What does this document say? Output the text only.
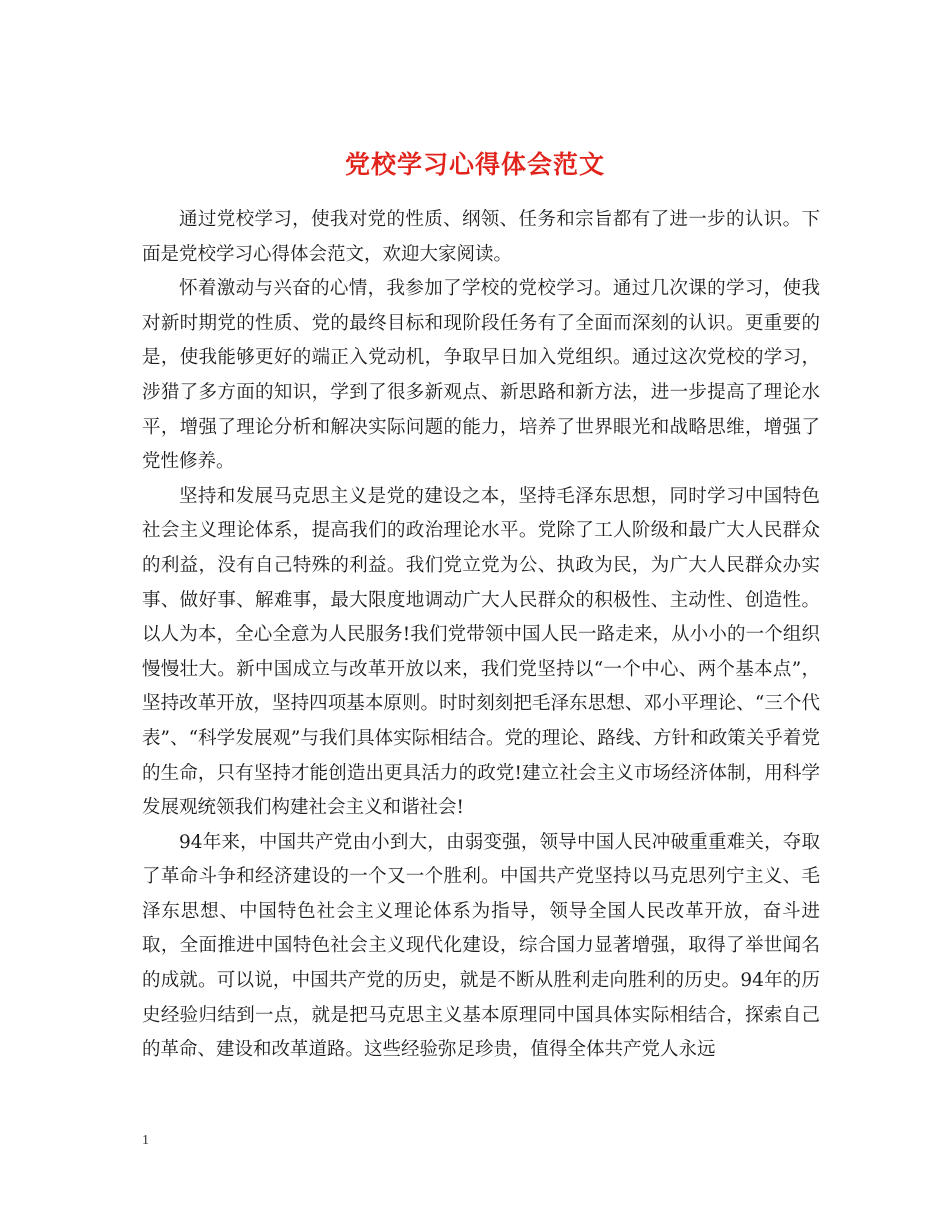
党校学习心得体会范文

通过党校学习，使我对党的性质、纲领、任务和宗旨都有了进一步的认识。下面是党校学习心得体会范文，欢迎大家阅读。

怀着激动与兴奋的心情，我参加了学校的党校学习。通过几次课的学习，使我对新时期党的性质、党的最终目标和现阶段任务有了全面而深刻的认识。更重要的是，使我能够更好的端正入党动机，争取早日加入党组织。通过这次党校的学习，涉猎了多方面的知识，学到了很多新观点、新思路和新方法，进一步提高了理论水平，增强了理论分析和解决实际问题的能力，培养了世界眼光和战略思维，增强了党性修养。

坚持和发展马克思主义是党的建设之本，坚持毛泽东思想，同时学习中国特色社会主义理论体系，提高我们的政治理论水平。党除了工人阶级和最广大人民群众的利益，没有自己特殊的利益。我们党立党为公、执政为民，为广大人民群众办实事、做好事、解难事，最大限度地调动广大人民群众的积极性、主动性、创造性。以人为本，全心全意为人民服务!我们党带领中国人民一路走来，从小小的一个组织慢慢壮大。新中国成立与改革开放以来，我们党坚持以“一个中心、两个基本点”，坚持改革开放，坚持四项基本原则。时时刻刻把毛泽东思想、邓小平理论、“三个代表”、“科学发展观”与我们具体实际相结合。党的理论、路线、方针和政策关乎着党的生命，只有坚持才能创造出更具活力的政党!建立社会主义市场经济体制，用科学发展观统领我们构建社会主义和谐社会!

94年来，中国共产党由小到大，由弱变强，领导中国人民冲破重重难关，夺取了革命斗争和经济建设的一个又一个胜利。中国共产党坚持以马克思列宁主义、毛泽东思想、中国特色社会主义理论体系为指导，领导全国人民改革开放，奋斗进取，全面推进中国特色社会主义现代化建设，综合国力显著增强，取得了举世闻名的成就。可以说，中国共产党的历史，就是不断从胜利走向胜利的历史。94年的历史经验归结到一点，就是把马克思主义基本原理同中国具体实际相结合，探索自己的革命、建设和改革道路。这些经验弥足珍贵，值得全体共产党人永远

1
